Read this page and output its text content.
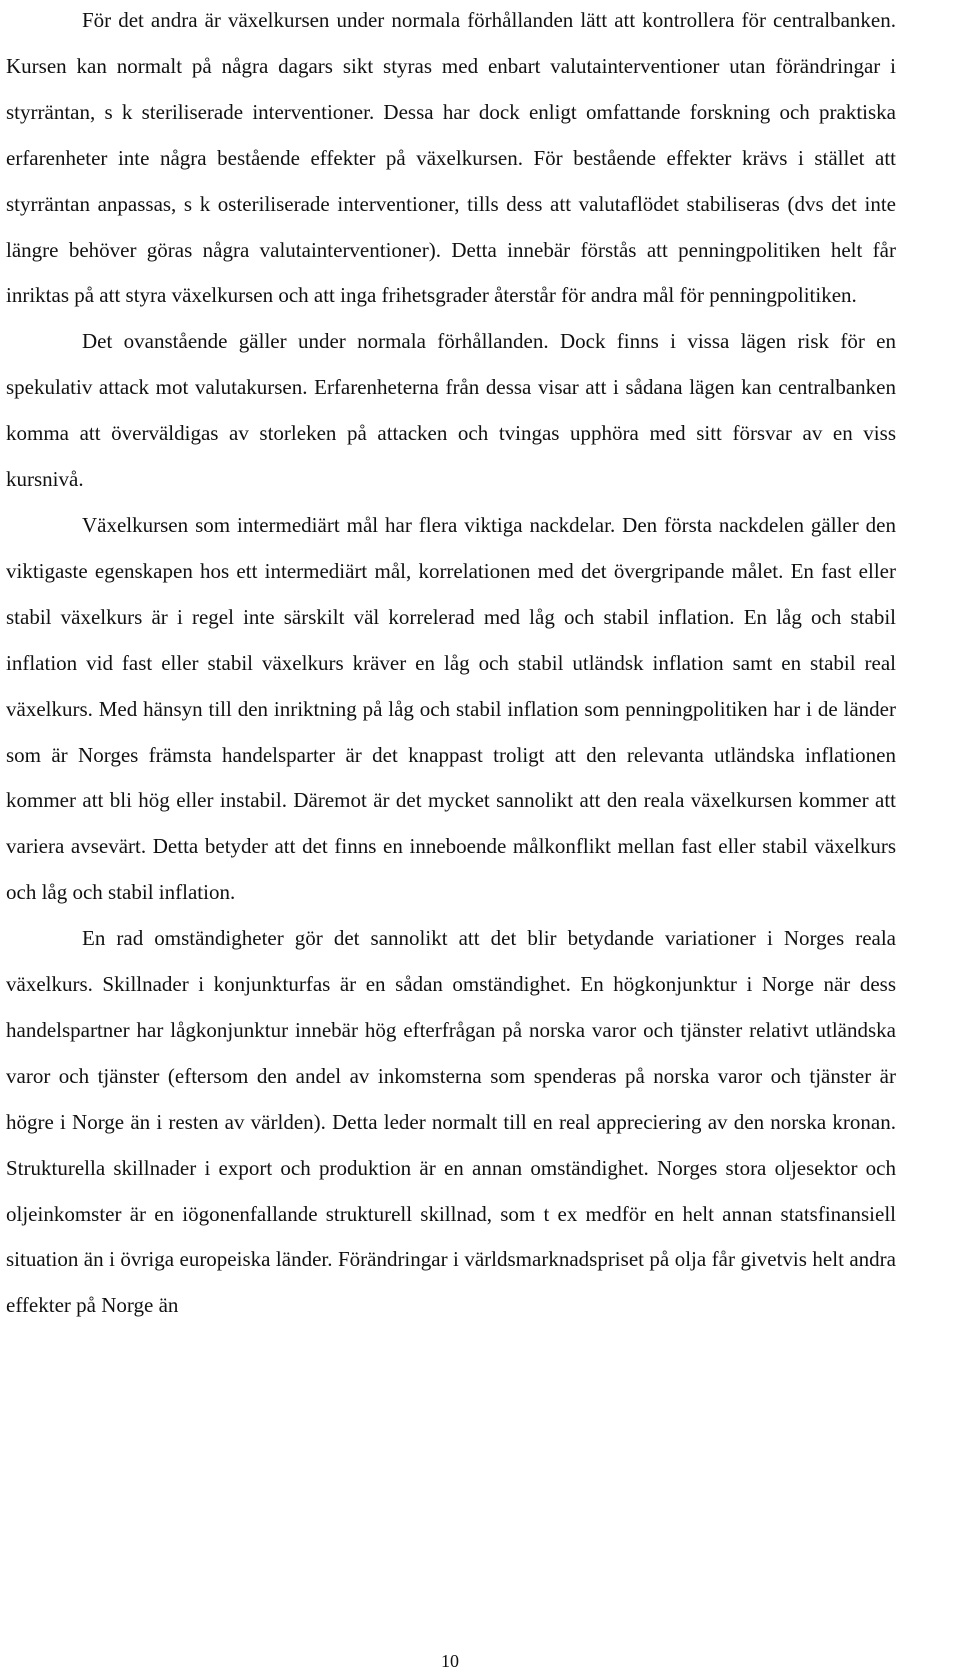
För det andra är växelkursen under normala förhållanden lätt att kontrollera för centralbanken. Kursen kan normalt på några dagars sikt styras med enbart valutainterventioner utan förändringar i styrräntan, s k steriliserade interventioner. Dessa har dock enligt omfattande forskning och praktiska erfarenheter inte några bestående effekter på växelkursen. För bestående effekter krävs i stället att styrräntan anpassas, s k osteriliserade interventioner, tills dess att valutaflödet stabiliseras (dvs det inte längre behöver göras några valutainterventioner). Detta innebär förstås att penningpolitiken helt får inriktas på att styra växelkursen och att inga frihetsgrader återstår för andra mål för penningpolitiken.

Det ovanstående gäller under normala förhållanden. Dock finns i vissa lägen risk för en spekulativ attack mot valutakursen. Erfarenheterna från dessa visar att i sådana lägen kan centralbanken komma att överväldigas av storleken på attacken och tvingas upphöra med sitt försvar av en viss kursnivå.

Växelkursen som intermediärt mål har flera viktiga nackdelar. Den första nackdelen gäller den viktigaste egenskapen hos ett intermediärt mål, korrelationen med det övergripande målet. En fast eller stabil växelkurs är i regel inte särskilt väl korrelerad med låg och stabil inflation. En låg och stabil inflation vid fast eller stabil växelkurs kräver en låg och stabil utländsk inflation samt en stabil real växelkurs. Med hänsyn till den inriktning på låg och stabil inflation som penningpolitiken har i de länder som är Norges främsta handelsparter är det knappast troligt att den relevanta utländska inflationen kommer att bli hög eller instabil. Däremot är det mycket sannolikt att den reala växelkursen kommer att variera avsevärt. Detta betyder att det finns en inneboende målkonflikt mellan fast eller stabil växelkurs och låg och stabil inflation.

En rad omständigheter gör det sannolikt att det blir betydande variationer i Norges reala växelkurs. Skillnader i konjunkturfas är en sådan omständighet. En högkonjunktur i Norge när dess handelspartner har lågkonjunktur innebär hög efterfrågan på norska varor och tjänster relativt utländska varor och tjänster (eftersom den andel av inkomsterna som spenderas på norska varor och tjänster är högre i Norge än i resten av världen). Detta leder normalt till en real appreciering av den norska kronan. Strukturella skillnader i export och produktion är en annan omständighet. Norges stora oljesektor och oljeinkomster är en iögonenfallande strukturell skillnad, som t ex medför en helt annan statsfinansiell situation än i övriga europeiska länder. Förändringar i världsmarknadspriset på olja får givetvis helt andra effekter på Norge än

10
